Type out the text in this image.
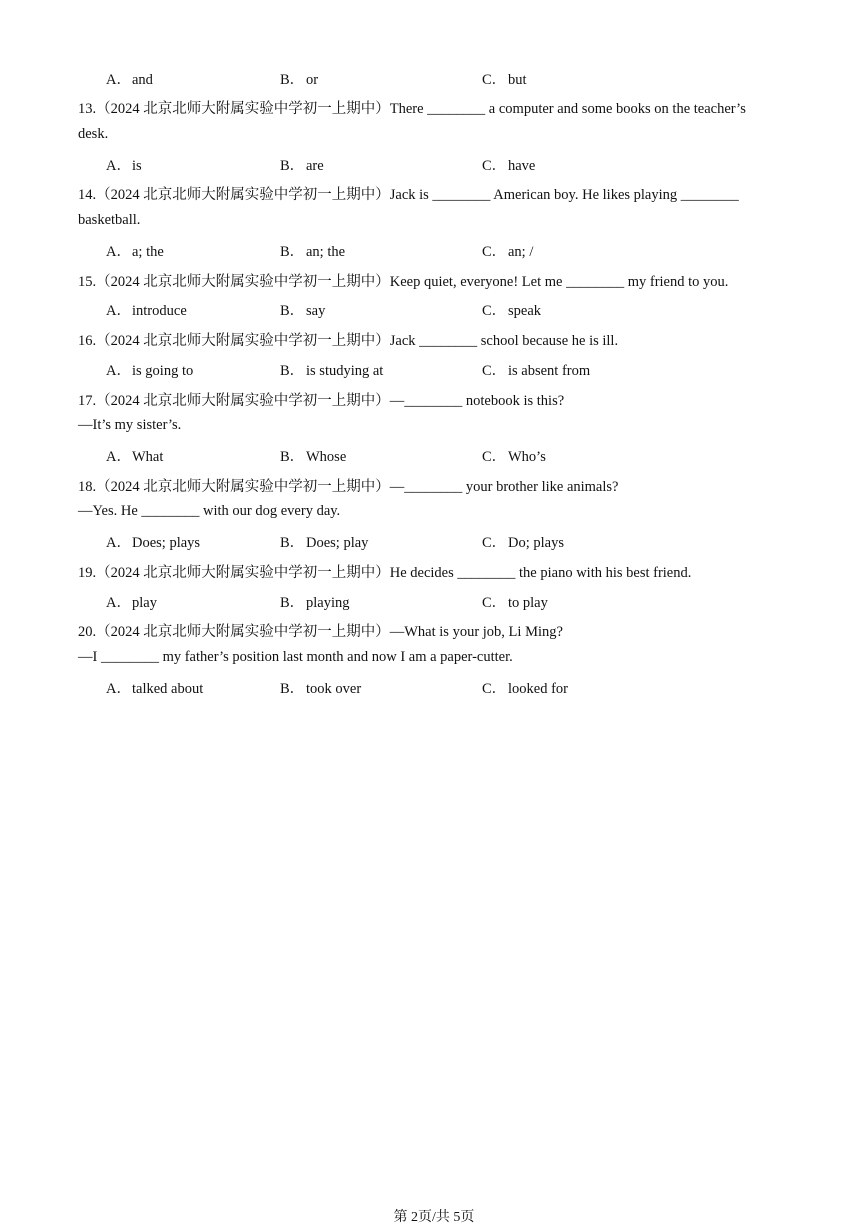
A．and	B． or	C． but
13.（2024 北京北师大附属实验中学初一上期中）There ________ a computer and some books on the teacher’s
desk.
A．is	B． are	C． have
14.（2024 北京北师大附属实验中学初一上期中）Jack is ________ American boy. He likes playing ________
basketball.
A．a; the	B． an; the	C． an; /
15.（2024 北京北师大附属实验中学初一上期中）Keep quiet, everyone! Let me ________ my friend to you.
A．introduce	B． say	C． speak
16.（2024 北京北师大附属实验中学初一上期中）Jack ________ school because he is ill.
A．is going to	B． is studying at	C． is absent from
17.（2024 北京北师大附属实验中学初一上期中）—________ notebook is this?
—It’s my sister’s.
A．What	B． Whose	C． Who’s
18.（2024 北京北师大附属实验中学初一上期中）—________ your brother like animals?
—Yes. He ________ with our dog every day.
A．Does; plays	B． Does; play	C． Do; plays
19.（2024 北京北师大附属实验中学初一上期中）He decides ________ the piano with his best friend.
A．play	B． playing	C． to play
20.（2024 北京北师大附属实验中学初一上期中）—What is your job, Li Ming?
—I ________ my father’s position last month and now I am a paper-cutter.
A．talked about	B． took over	C． looked for
第 2页/共 5页
